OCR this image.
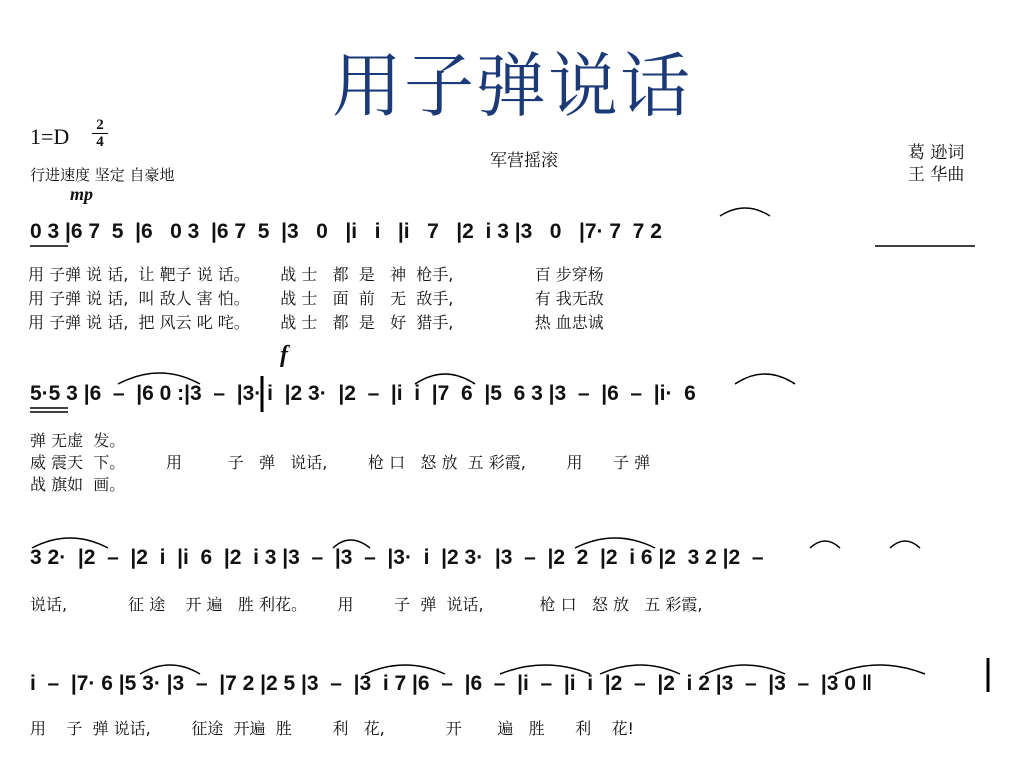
用子弹说话
1=D 2
4
行进速度 坚定 自豪地
军营摇滚	葛 逊词
王 华曲
mp
f
0 3 |6 7  5  |6   0 3  |6 7  5  |3   0   |i   i   |i   7   |2  i 3 |3   0   |7· 7  7 2
用 子弹 说 话,  让 靶子 说 话。      战 士   都  是   神  枪手,                百 步穿杨
用 子弹 说 话,  叫 敌人 害 怕。      战 士   面  前   无  敌手,                有 我无敌
用 子弹 说 话,  把 风云 叱 咤。      战 士   都  是   好  猎手,                热 血忠诚
5·5 3 |6  –  |6 0 :|3  –  |3· i  |2 3·  |2  –  |i  i  |7  6  |5  6 3 |3  –  |6  –  |i·  6
弹 无虚  发。
威 震天  下。        用         子   弹   说话,        枪 口   怒 放  五 彩霞,        用      子 弹
战 旗如  画。
3 2·  |2  –  |2  i  |i  6  |2  i 3 |3  –  |3  –  |3·  i  |2 3·  |3  –  |2  2  |2  i 6 |2  3 2 |2  –
说话,            征 途    开 遍   胜 利花。      用        子  弹  说话,           枪 口   怒 放   五 彩霞,
i  –  |7· 6 |5 3· |3  –  |7 2 |2 5 |3  –  |3  i 7 |6  –  |6  –  |i  –  |i  i  |2  –  |2  i 2 |3  –  |3  –  |3 0 ‖
用    子  弹 说话,        征途  开遍  胜        利   花,            开       遍   胜      利    花!
